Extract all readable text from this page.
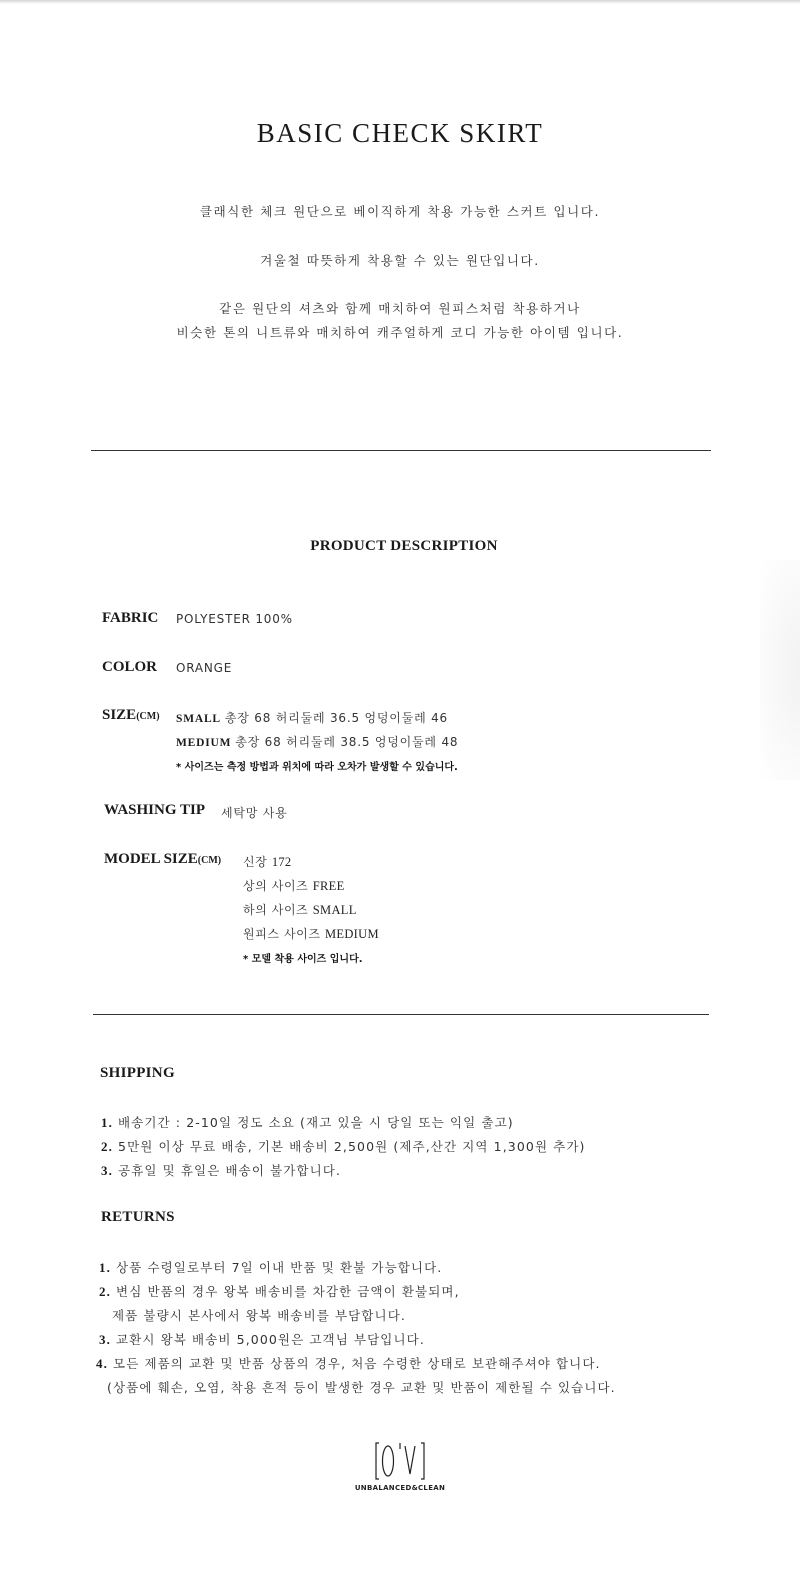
BASIC CHECK SKIRT
클래식한 체크 원단으로 베이직하게 착용 가능한 스커트 입니다.
겨울철 따뜻하게 착용할 수 있는 원단입니다.
같은 원단의 셔츠와 함께 매치하여 원피스처럼 착용하거나
비슷한 톤의 니트류와 매치하여 캐주얼하게 코디 가능한 아이템 입니다.
PRODUCT DESCRIPTION
FABRIC POLYESTER 100%
COLOR ORANGE
SIZE(CM) SMALL 총장 68 허리둘레 36.5 엉덩이둘레 46
MEDIUM 총장 68 허리둘레 38.5 엉덩이둘레 48
* 사이즈는 측정 방법과 위치에 따라 오차가 발생할 수 있습니다.
WASHING TIP 세탁망 사용
MODEL SIZE(CM) 신장 172
상의 사이즈 FREE
하의 사이즈 SMALL
원피스 사이즈 MEDIUM
* 모델 착용 사이즈 입니다.
SHIPPING
1. 배송기간 : 2-10일 정도 소요 (재고 있을 시 당일 또는 익일 출고)
2. 5만원 이상 무료 배송, 기본 배송비 2,500원 (제주,산간 지역 1,300원 추가)
3. 공휴일 및 휴일은 배송이 불가합니다.
RETURNS
1. 상품 수령일로부터 7일 이내 반품 및 환불 가능합니다.
2. 변심 반품의 경우 왕복 배송비를 차감한 금액이 환불되며,
제품 불량시 본사에서 왕복 배송비를 부담합니다.
3. 교환시 왕복 배송비 5,000원은 고객님 부담입니다.
4. 모든 제품의 교환 및 반품 상품의 경우, 처음 수령한 상태로 보관해주셔야 합니다.
(상품에 훼손, 오염, 착용 흔적 등이 발생한 경우 교환 및 반품이 제한될 수 있습니다.
UNBALANCED&CLEAN
